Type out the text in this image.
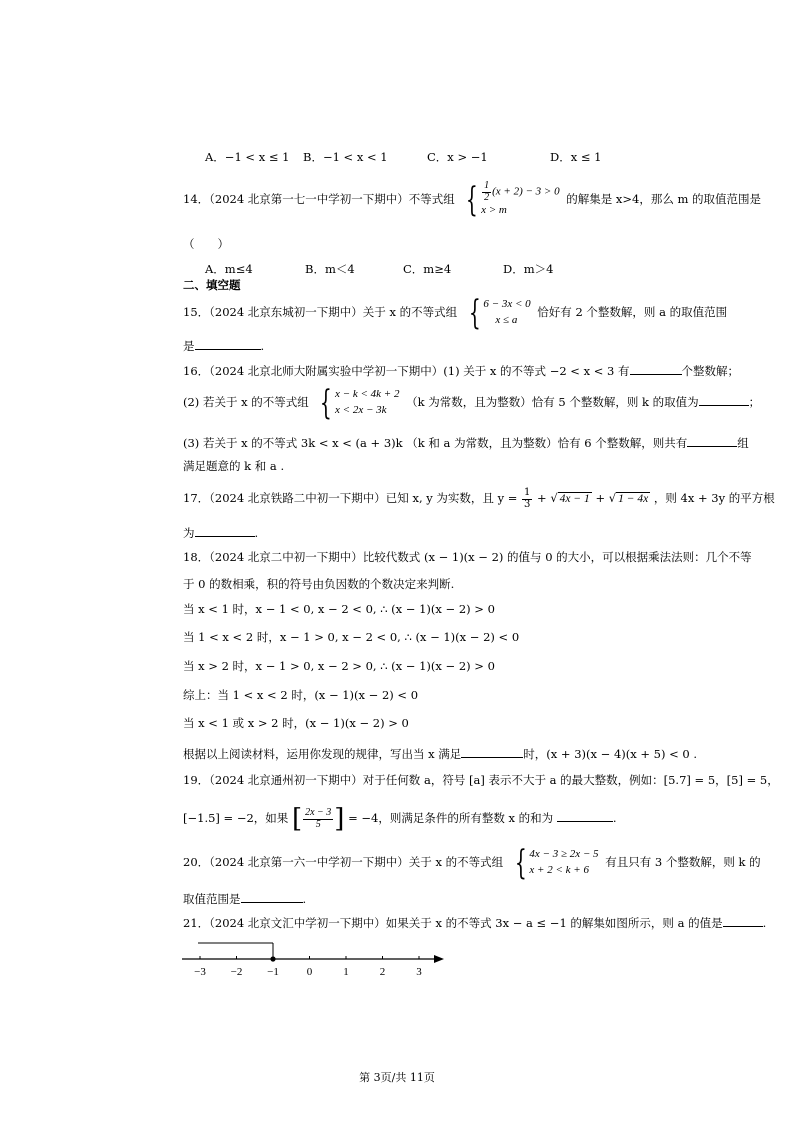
A．−1 < x ≤ 1 B．−1 < x < 1	C．x > −1	D．x ≤ 1
14．（2024 北京第一七一中学初一下期中）不等式组 { $\frac{1}{2} (x + 2) - 3 > 0$
x > m
的解集是 x>4，那么 m 的取值范围是
（　　）
A．m≤4	B．m＜4	C．m≥4	D．m＞4
二、填空题
15．（2024 北京东城初一下期中）关于 x 的不等式组 { 6 − 3x < 0
x ≤ a
恰好有 2 个整数解，则 a 的取值范围
是	.
16．（2024 北京北师大附属实验中学初一下期中）(1) 关于 x 的不等式 −2 < x < 3 有	个整数解；
(2) 若关于 x 的不等式组 { x − k < 4k + 2
x < 2x − 3k
（k 为常数，且为整数）恰有 5 个整数解，则 k 的取值为	；
(3) 若关于 x 的不等式 3k < x < (a + 3)k （k 和 a 为常数，且为整数）恰有 6 个整数解，则共有	组
满足题意的 k 和 a .
17．（2024 北京铁路二中初一下期中）已知 x, y 为实数，且 $y = \frac{1}{3}$ + √ 4x − 1 + √ 1 − 4x ，则 4x + 3y 的平方根
为	.
18．（2024 北京二中初一下期中）比较代数式 (x − 1)(x − 2) 的值与 0 的大小，可以根据乘法法则：几个不等
于 0 的数相乘，积的符号由负因数的个数决定来判断.
当 x < 1 时，x − 1 < 0, x − 2 < 0, ∴ (x − 1)(x − 2) > 0
当 1 < x < 2 时，x − 1 > 0, x − 2 < 0, ∴ (x − 1)(x − 2) < 0
当 x > 2 时，x − 1 > 0, x − 2 > 0, ∴ (x − 1)(x − 2) > 0
综上：当 1 < x < 2 时，(x − 1)(x − 2) < 0
当 x < 1 或 x > 2 时，(x − 1)(x − 2) > 0
根据以上阅读材料，运用你发现的规律，写出当 x 满足	时，(x + 3)(x − 4)(x + 5) < 0 .
19．（2024 北京通州初一下期中）对于任何数 a，符号 [a] 表示不大于 a 的最大整数，例如：[5.7] = 5，[5] = 5，
[−1.5] = −2，如果 [ $\frac{2x - 3}{5}$ ] = −4，则满足条件的所有整数 x 的和为	.
20．（2024 北京第一六一中学初一下期中）关于 x 的不等式组 { 4x − 3 ≥ 2x − 5
x + 2 < k + 6
有且只有 3 个整数解，则 k 的
取值范围是	.
21．（2024 北京文汇中学初一下期中）如果关于 x 的不等式 3x − a ≤ −1 的解集如图所示，则 a 的值是	.
−3 −2 −1	0	1	2	3
第 3页/共 11页
